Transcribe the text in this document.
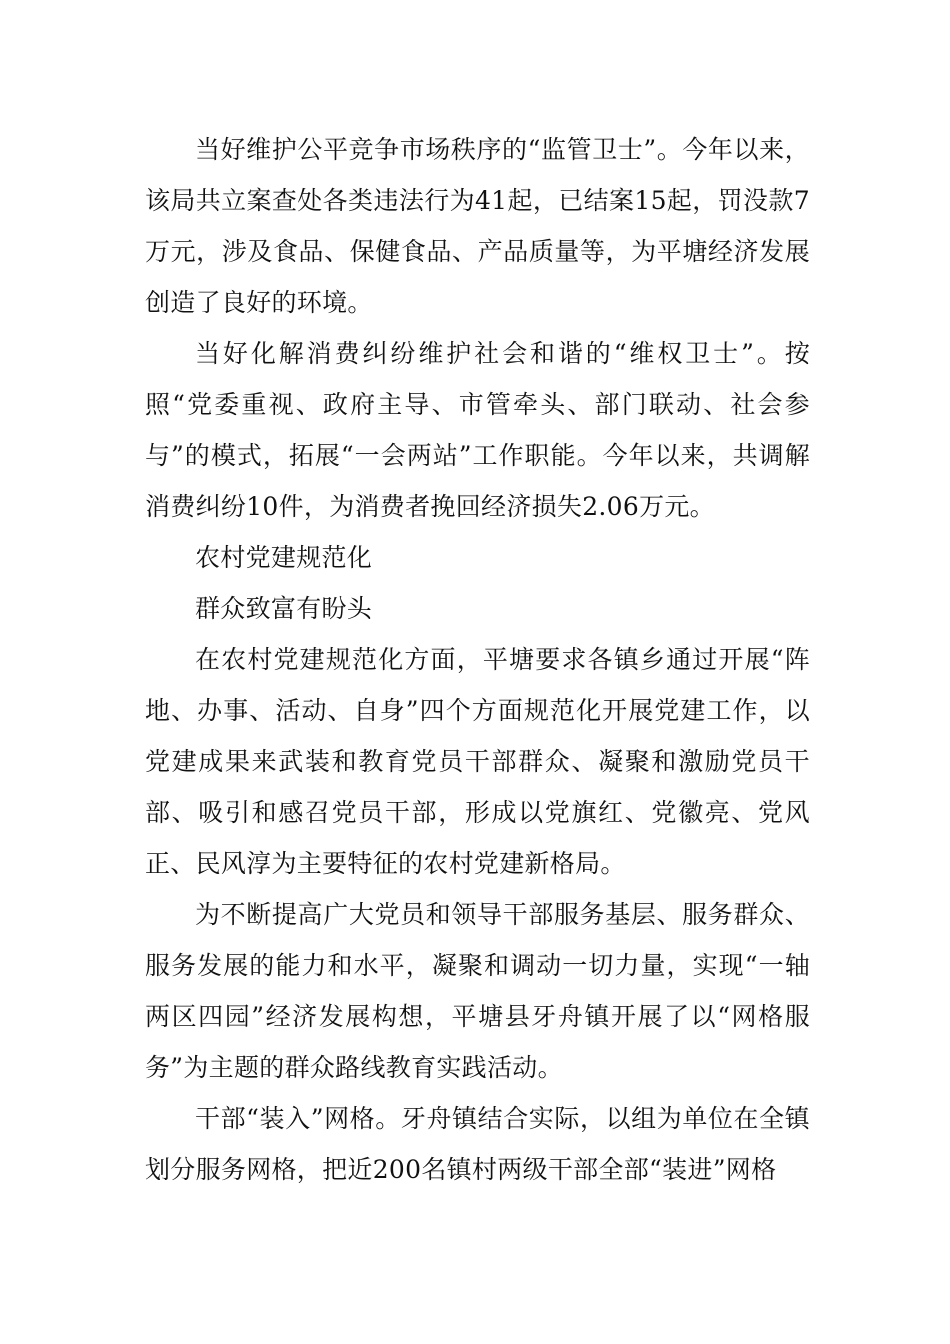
当好维护公平竞争市场秩序的“监管卫士”。今年以来，该局共立案查处各类违法行为41起，已结案15起，罚没款7万元，涉及食品、保健食品、产品质量等，为平塘经济发展创造了良好的环境。

当好化解消费纠纷维护社会和谐的“维权卫士”。按照“党委重视、政府主导、市管牵头、部门联动、社会参与”的模式，拓展“一会两站”工作职能。今年以来，共调解消费纠纷10件，为消费者挽回经济损失2.06万元。

农村党建规范化

群众致富有盼头

在农村党建规范化方面，平塘要求各镇乡通过开展“阵地、办事、活动、自身”四个方面规范化开展党建工作，以党建成果来武装和教育党员干部群众、凝聚和激励党员干部、吸引和感召党员干部，形成以党旗红、党徽亮、党风正、民风淳为主要特征的农村党建新格局。

为不断提高广大党员和领导干部服务基层、服务群众、服务发展的能力和水平，凝聚和调动一切力量，实现“一轴两区四园”经济发展构想，平塘县牙舟镇开展了以“网格服务”为主题的群众路线教育实践活动。

干部“装入”网格。牙舟镇结合实际，以组为单位在全镇划分服务网格，把近200名镇村两级干部全部“装进”网格
